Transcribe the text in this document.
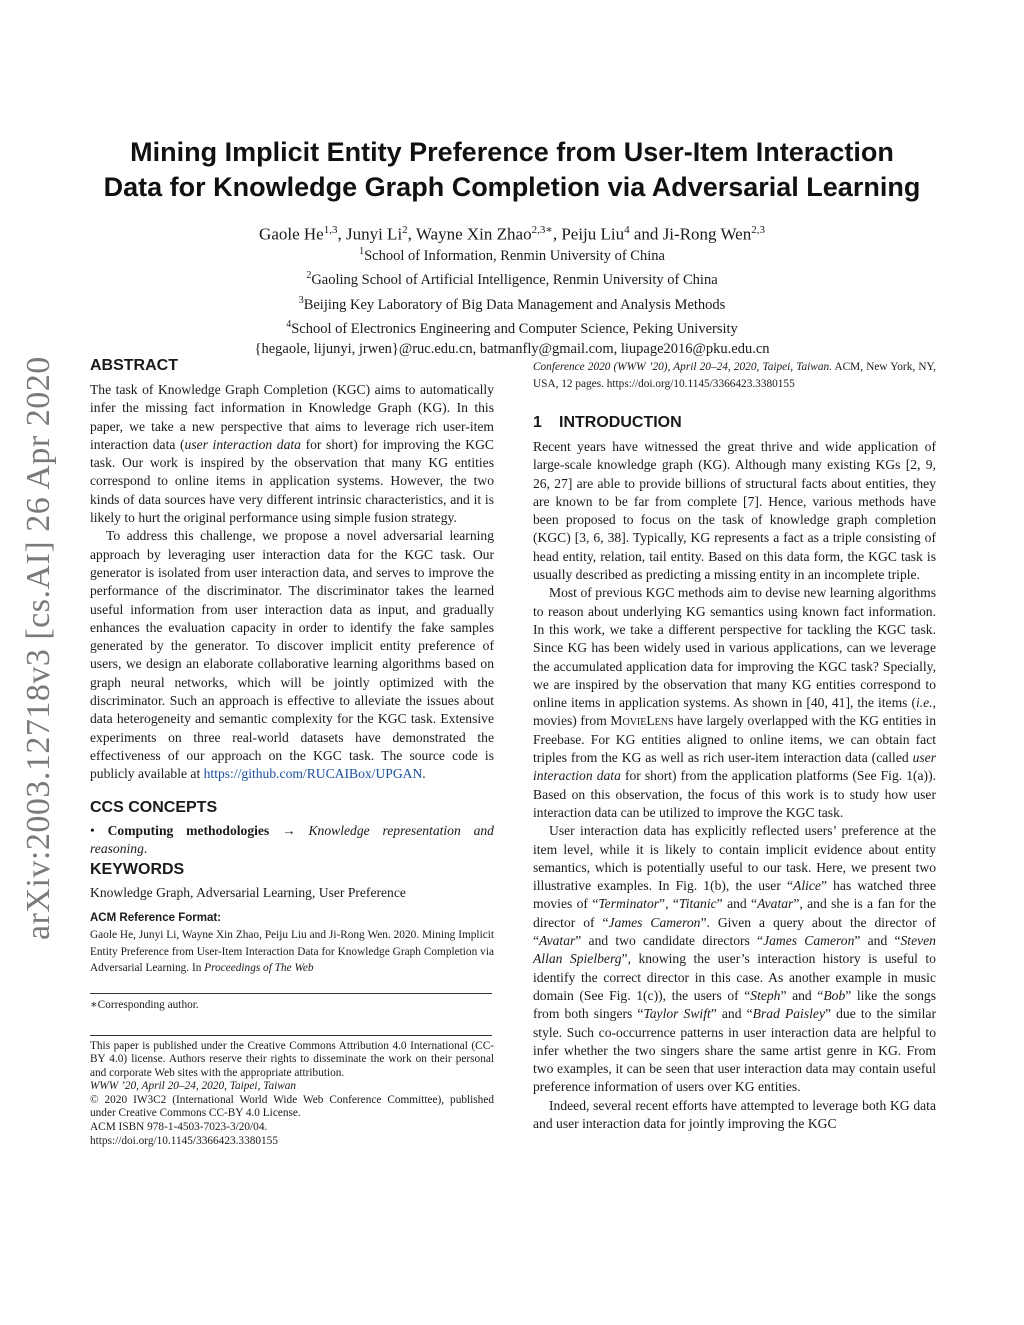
arXiv:2003.12718v3 [cs.AI] 26 Apr 2020
Mining Implicit Entity Preference from User-Item Interaction
Data for Knowledge Graph Completion via Adversarial Learning
Gaole He$^{1,3}$, Junyi Li$^2$, Wayne Xin Zhao$^{2,3∗}$, Peiju Liu$^4$ and Ji-Rong Wen$^{2,3}$
$^1$School of Information, Renmin University of China
$^2$Gaoling School of Artificial Intelligence, Renmin University of China
$^3$Beijing Key Laboratory of Big Data Management and Analysis Methods
$^4$School of Electronics Engineering and Computer Science, Peking University
{hegaole, lijunyi, jrwen}@ruc.edu.cn, batmanfly@gmail.com, liupage2016@pku.edu.cn
ABSTRACT

The task of Knowledge Graph Completion (KGC) aims to automatically infer the missing fact information in Knowledge Graph (KG). In this paper, we take a new perspective that aims to leverage rich user-item interaction data (user interaction data for short) for improving the KGC task. Our work is inspired by the observation that many KG entities correspond to online items in application systems. However, the two kinds of data sources have very different intrinsic characteristics, and it is likely to hurt the original performance using simple fusion strategy.

To address this challenge, we propose a novel adversarial learning approach by leveraging user interaction data for the KGC task. Our generator is isolated from user interaction data, and serves to improve the performance of the discriminator. The discriminator takes the learned useful information from user interaction data as input, and gradually enhances the evaluation capacity in order to identify the fake samples generated by the generator. To discover implicit entity preference of users, we design an elaborate collaborative learning algorithms based on graph neural networks, which will be jointly optimized with the discriminator. Such an approach is effective to alleviate the issues about data heterogeneity and semantic complexity for the KGC task. Extensive experiments on three real-world datasets have demonstrated the effectiveness of our approach on the KGC task. The source code is publicly available at https://github.com/RUCAIBox/UPGAN.

CCS CONCEPTS

• Computing methodologies → Knowledge representation and reasoning.

KEYWORDS

Knowledge Graph, Adversarial Learning, User Preference

ACM Reference Format:

Gaole He, Junyi Li, Wayne Xin Zhao, Peiju Liu and Ji-Rong Wen. 2020. Mining Implicit Entity Preference from User-Item Interaction Data for Knowledge Graph Completion via Adversarial Learning. In Proceedings of The Web

∗Corresponding author.

This paper is published under the Creative Commons Attribution 4.0 International (CC-BY 4.0) license. Authors reserve their rights to disseminate the work on their personal and corporate Web sites with the appropriate attribution.

WWW ’20, April 20–24, 2020, Taipei, Taiwan

© 2020 IW3C2 (International World Wide Web Conference Committee), published under Creative Commons CC-BY 4.0 License.

ACM ISBN 978-1-4503-7023-3/20/04.

https://doi.org/10.1145/3366423.3380155

Conference 2020 (WWW ’20), April 20–24, 2020, Taipei, Taiwan. ACM, New York, NY, USA, 12 pages. https://doi.org/10.1145/3366423.3380155

1 INTRODUCTION

Recent years have witnessed the great thrive and wide application of large-scale knowledge graph (KG). Although many existing KGs [2, 9, 26, 27] are able to provide billions of structural facts about entities, they are known to be far from complete [7]. Hence, various methods have been proposed to focus on the task of knowledge graph completion (KGC) [3, 6, 38]. Typically, KG represents a fact as a triple consisting of head entity, relation, tail entity. Based on this data form, the KGC task is usually described as predicting a missing entity in an incomplete triple.

Most of previous KGC methods aim to devise new learning algorithms to reason about underlying KG semantics using known fact information. In this work, we take a different perspective for tackling the KGC task. Since KG has been widely used in various applications, can we leverage the accumulated application data for improving the KGC task? Specially, we are inspired by the observation that many KG entities correspond to online items in application systems. As shown in [40, 41], the items (i.e., movies) from MovieLens have largely overlapped with the KG entities in Freebase. For KG entities aligned to online items, we can obtain fact triples from the KG as well as rich user-item interaction data (called user interaction data for short) from the application platforms (See Fig. 1(a)). Based on this observation, the focus of this work is to study how user interaction data can be utilized to improve the KGC task.

User interaction data has explicitly reflected users’ preference at the item level, while it is likely to contain implicit evidence about entity semantics, which is potentially useful to our task. Here, we present two illustrative examples. In Fig. 1(b), the user “Alice” has watched three movies of “Terminator”, “Titanic” and “Avatar”, and she is a fan for the director of “James Cameron”. Given a query about the director of “Avatar” and two candidate directors “James Cameron” and “Steven Allan Spielberg”, knowing the user’s interaction history is useful to identify the correct director in this case. As another example in music domain (See Fig. 1(c)), the users of “Steph” and “Bob” like the songs from both singers “Taylor Swift” and “Brad Paisley” due to the similar style. Such co-occurrence patterns in user interaction data are helpful to infer whether the two singers share the same artist genre in KG. From two examples, it can be seen that user interaction data may contain useful preference information of users over KG entities.

Indeed, several recent efforts have attempted to leverage both KG data and user interaction data for jointly improving the KGC
